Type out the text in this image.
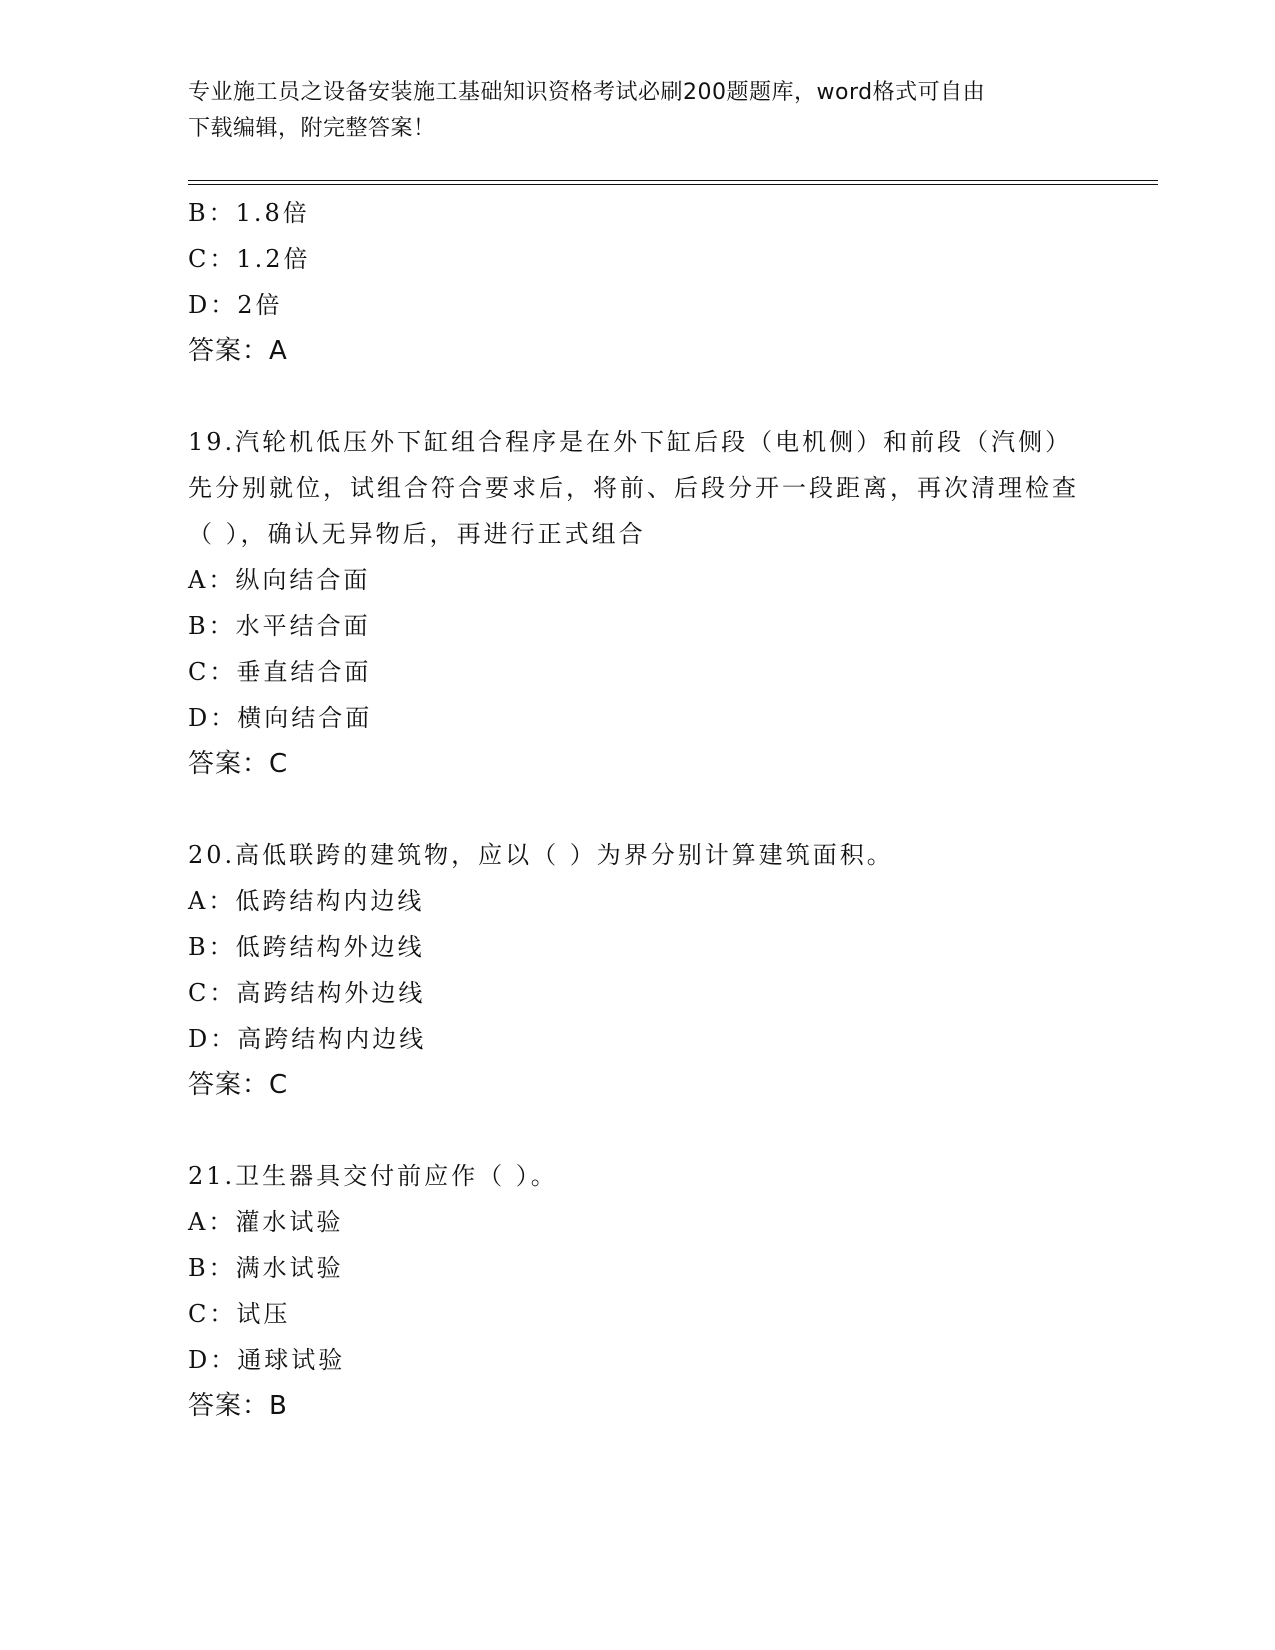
专业施工员之设备安装施工基础知识资格考试必刷200题题库，word格式可自由
下载编辑，附完整答案！
B：1.8倍
C：1.2倍
D：2倍
答案：A
19.汽轮机低压外下缸组合程序是在外下缸后段（电机侧）和前段（汽侧）先分别就位，试组合符合要求后，将前、后段分开一段距离，再次清理检查（ ），确认无异物后，再进行正式组合
A：纵向结合面
B：水平结合面
C：垂直结合面
D：横向结合面
答案：C
20.高低联跨的建筑物，应以（ ）为界分别计算建筑面积。
A：低跨结构内边线
B：低跨结构外边线
C：高跨结构外边线
D：高跨结构内边线
答案：C
21.卫生器具交付前应作（ ）。
A：灌水试验
B：满水试验
C：试压
D：通球试验
答案：B
